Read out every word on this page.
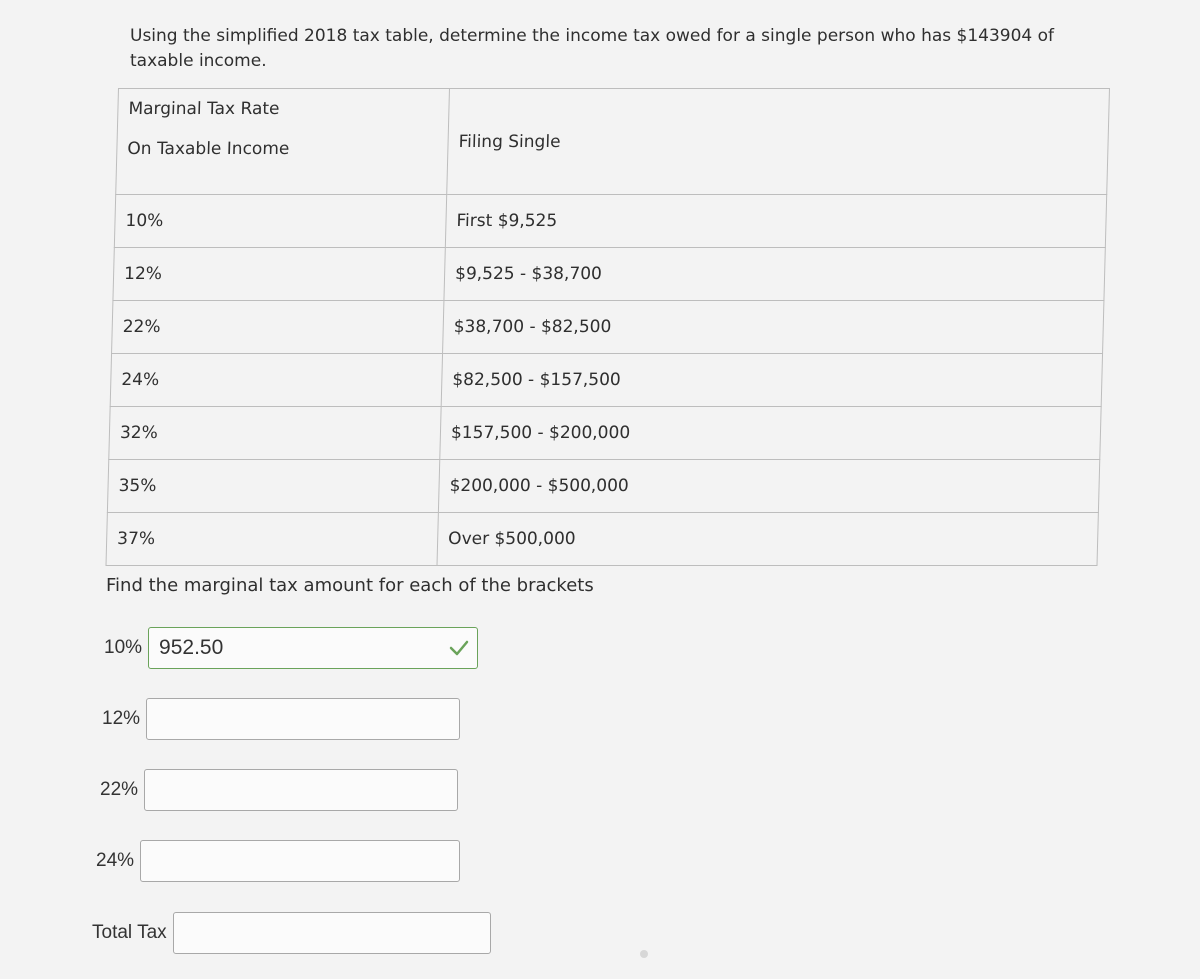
Using the simplified 2018 tax table, determine the income tax owed for a single person who has $143904 of taxable income.
Marginal Tax Rate
On Taxable Income	Filing Single
10%	First $9,525
12%	$9,525 - $38,700
22%	$38,700 - $82,500
24%	$82,500 - $157,500
32%	$157,500 - $200,000
35%	$200,000 - $500,000
37%	Over $500,000
Find the marginal tax amount for each of the brackets
10% 952.50
12%
22%
24%
Total Tax
